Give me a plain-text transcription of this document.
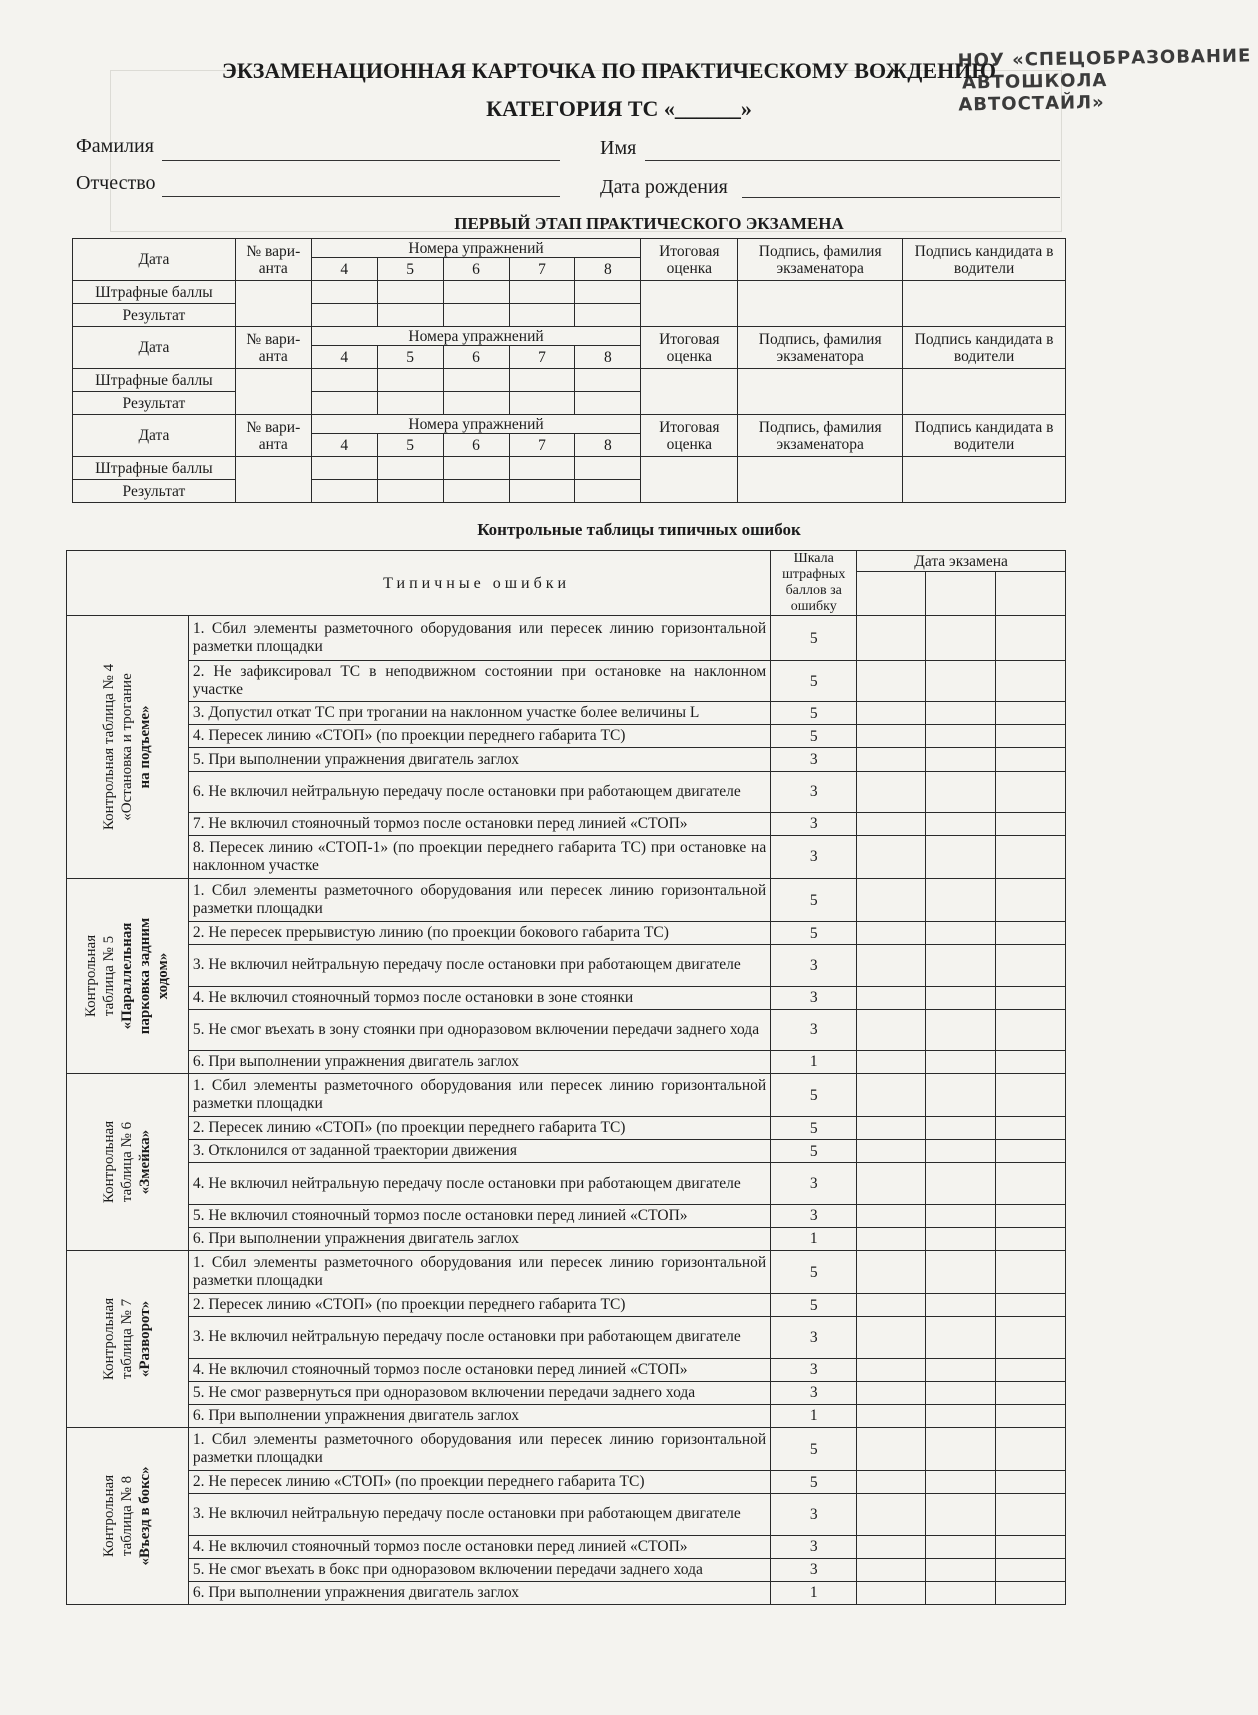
НОУ «СПЕЦОБРАЗОВАНИЕ
АВТОШКОЛА
АВТОСТАЙЛ»
ЭКЗАМЕНАЦИОННАЯ КАРТОЧКА ПО ПРАКТИЧЕСКОМУ ВОЖДЕНИЮ
КАТЕГОРИЯ ТС «______»
Фамилия	Имя
Отчество	Дата рождения
ПЕРВЫЙ ЭТАП ПРАКТИЧЕСКОГО ЭКЗАМЕНА
Дата	№ вари- анта	Номера упражнений					Итоговая оценка	Подпись, фамилия экзаменатора	Подпись кандидата в водители
		4	5	6	7	8			
Штрафные баллы									
Результат									
Дата	№ вари- анта	Номера упражнений					Итоговая оценка	Подпись, фамилия экзаменатора	Подпись кандидата в водители
		4	5	6	7	8			
Штрафные баллы									
Результат									
Дата	№ вари- анта	Номера упражнений					Итоговая оценка	Подпись, фамилия экзаменатора	Подпись кандидата в водители
		4	5	6	7	8			
Штрафные баллы									
Результат									
Контрольные таблицы типичных ошибок
Типичные ошибки		Шкала штрафных баллов за ошибку	Дата экзамена		

Контрольная таблица № 4 «Остановка и трогание на подъеме»	1. Сбил элементы разметочного оборудования или пересек линию горизонтальной разметки площадки	5			
	2. Не зафиксировал ТС в неподвижном состоянии при остановке на наклонном участке	5			
	3. Допустил откат ТС при трогании на наклонном участке более величины L	5			
	4. Пересек линию «СТОП» (по проекции переднего габарита ТС)	5			
	5. При выполнении упражнения двигатель заглох	3			
	6. Не включил нейтральную передачу после остановки при работающем двигателе	3			
	7. Не включил стояночный тормоз после остановки перед линией «СТОП»	3			
	8. Пересек линию «СТОП-1» (по проекции переднего габарита ТС) при остановке на наклонном участке	3			

Контрольная таблица № 5 «Параллельная парковка задним ходом»	1. Сбил элементы разметочного оборудования или пересек линию горизонтальной разметки площадки	5			
	2. Не пересек прерывистую линию (по проекции бокового габарита ТС)	5			
	3. Не включил нейтральную передачу после остановки при работающем двигателе	3			
	4. Не включил стояночный тормоз после остановки в зоне стоянки	3			
	5. Не смог въехать в зону стоянки при одноразовом включении передачи заднего хода	3			
	6. При выполнении упражнения двигатель заглох	1			

Контрольная таблица № 6 «Змейка»	1. Сбил элементы разметочного оборудования или пересек линию горизонтальной разметки площадки	5			
	2. Пересек линию «СТОП» (по проекции переднего габарита ТС)	5			
	3. Отклонился от заданной траектории движения	5			
	4. Не включил нейтральную передачу после остановки при работающем двигателе	3			
	5. Не включил стояночный тормоз после остановки перед линией «СТОП»	3			
	6. При выполнении упражнения двигатель заглох	1			

Контрольная таблица № 7 «Разворот»	1. Сбил элементы разметочного оборудования или пересек линию горизонтальной разметки площадки	5			
	2. Пересек линию «СТОП» (по проекции переднего габарита ТС)	5			
	3. Не включил нейтральную передачу после остановки при работающем двигателе	3			
	4. Не включил стояночный тормоз после остановки перед линией «СТОП»	3			
	5. Не смог развернуться при одноразовом включении передачи заднего хода	3			
	6. При выполнении упражнения двигатель заглох	1			

Контрольная таблица № 8 «Въезд в бокс»	1. Сбил элементы разметочного оборудования или пересек линию горизонтальной разметки площадки	5			
	2. Не пересек линию «СТОП» (по проекции переднего габарита ТС)	5			
	3. Не включил нейтральную передачу после остановки при работающем двигателе	3			
	4. Не включил стояночный тормоз после остановки перед линией «СТОП»	3			
	5. Не смог въехать в бокс при одноразовом включении передачи заднего хода	3			
	6. При выполнении упражнения двигатель заглох	1			
